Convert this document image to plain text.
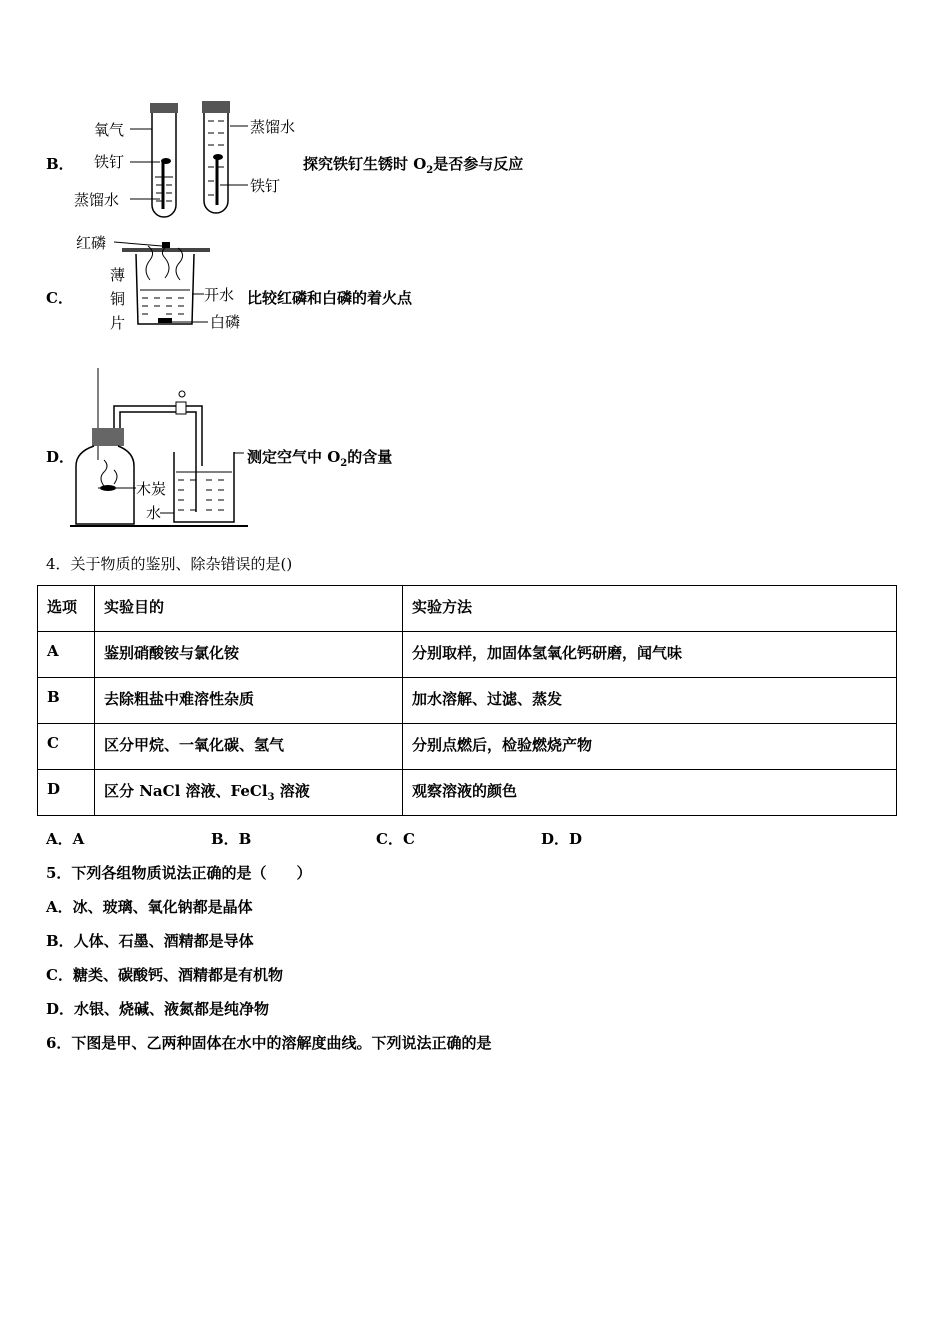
B．
氧气
铁钉
蒸馏水
蒸馏水
铁钉
探究铁钉生锈时 $O_2$是否参与反应
C．
红磷
薄
铜
片
开水
白磷
比较红磷和白磷的着火点
D．
木炭
水
测定空气中 $O_2$的含量
4．关于物质的鉴别、除杂错误的是()
选项	实验目的	实验方法
A	鉴别硝酸铵与氯化铵	分别取样，加固体氢氧化钙研磨，闻气味
B	去除粗盐中难溶性杂质	加水溶解、过滤、蒸发
C	区分甲烷、一氧化碳、氢气	分别点燃后，检验燃烧产物
D	区分 NaCl 溶液、FeCl$_3$ 溶液	观察溶液的颜色
A．A	B．B	C．C	D．D
5．下列各组物质说法正确的是（　　）
A．冰、玻璃、氧化钠都是晶体
B．人体、石墨、酒精都是导体
C．糖类、碳酸钙、酒精都是有机物
D．水银、烧碱、液氮都是纯净物
6．下图是甲、乙两种固体在水中的溶解度曲线。下列说法正确的是
